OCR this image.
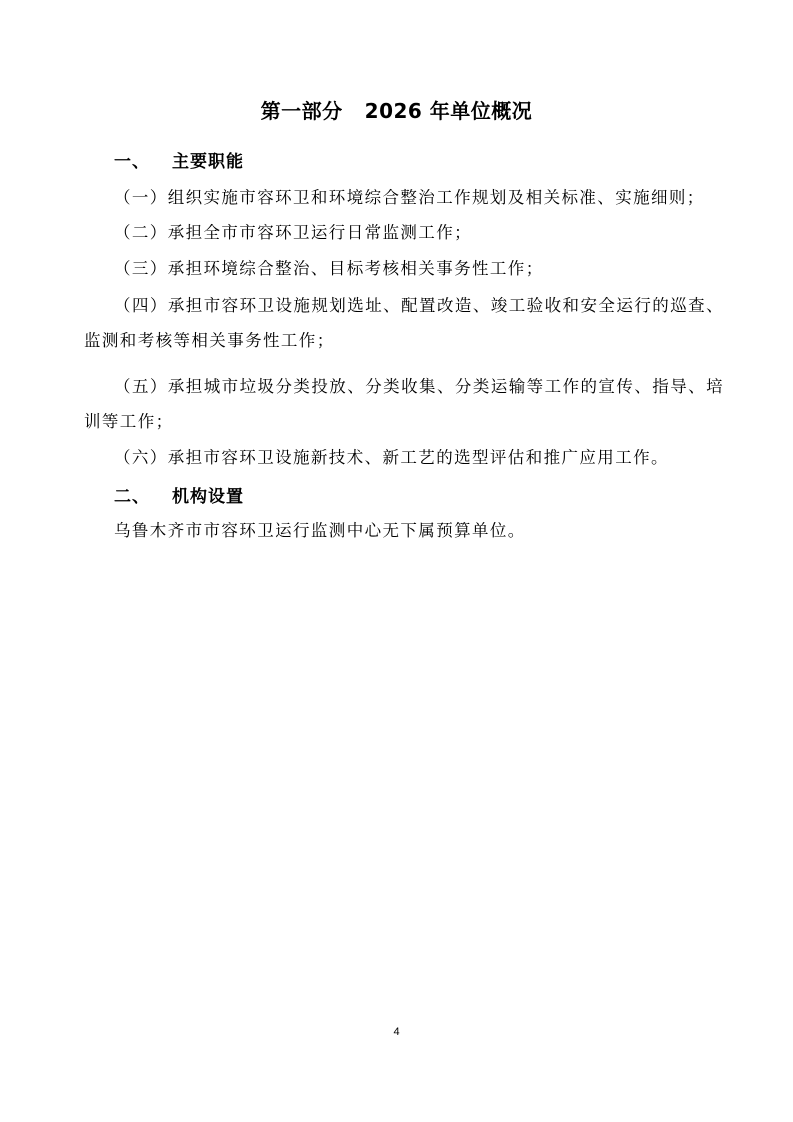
第一部分 2026 年单位概况
一、 主要职能
（一）组织实施市容环卫和环境综合整治工作规划及相关标准、实施细则；
（二）承担全市市容环卫运行日常监测工作；
（三）承担环境综合整治、目标考核相关事务性工作；
（四）承担市容环卫设施规划选址、配置改造、竣工验收和安全运行的巡查、监测和考核等相关事务性工作；
（五）承担城市垃圾分类投放、分类收集、分类运输等工作的宣传、指导、培训等工作；
（六）承担市容环卫设施新技术、新工艺的选型评估和推广应用工作。
二、 机构设置
乌鲁木齐市市容环卫运行监测中心无下属预算单位。
4
